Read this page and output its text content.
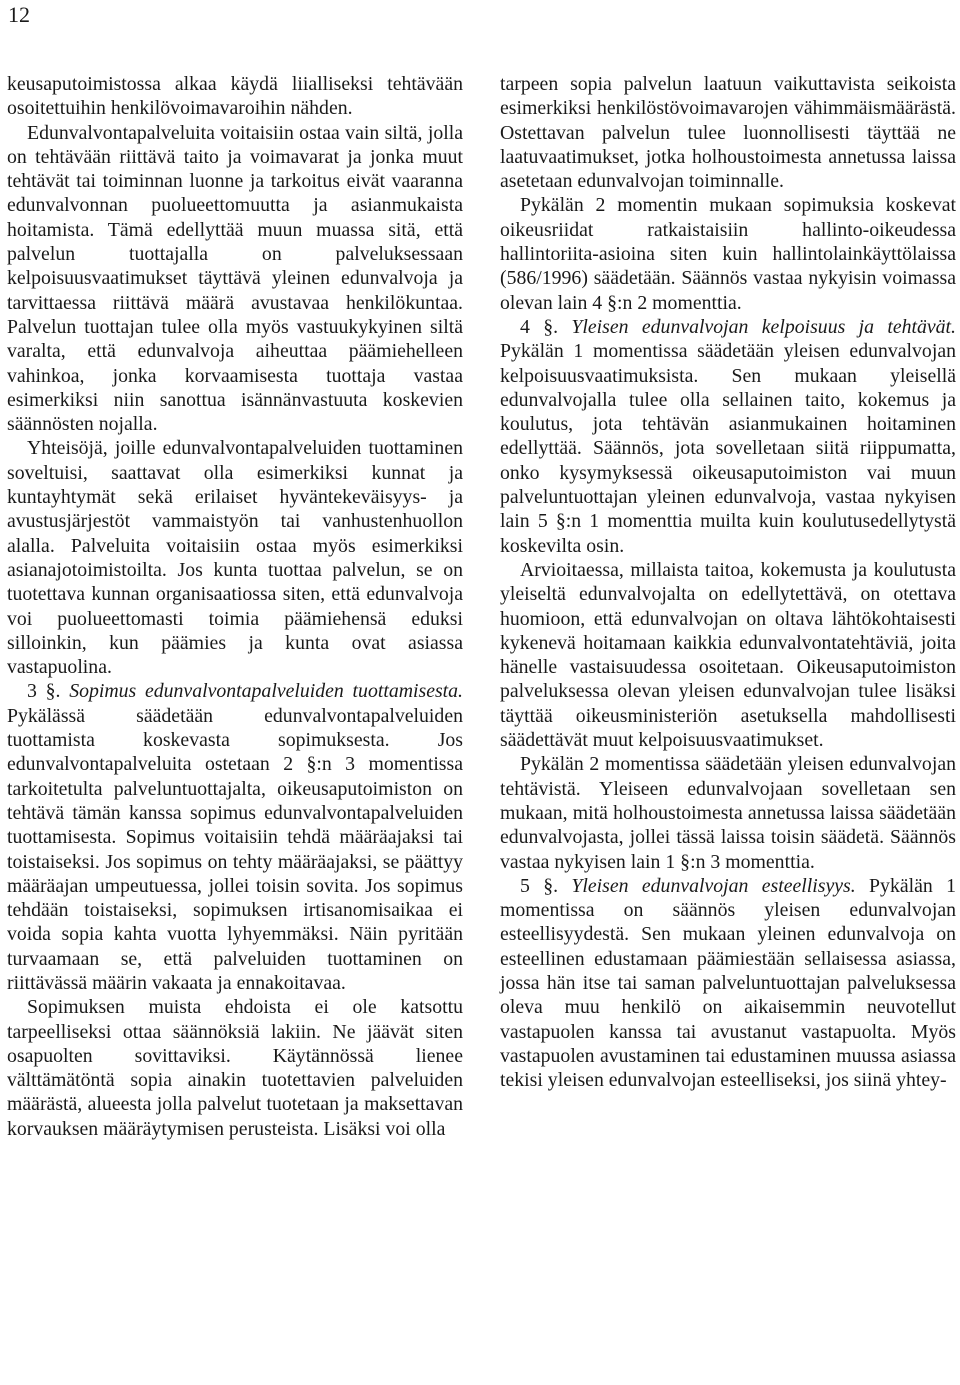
12

keusaputoimistossa alkaa käydä liialliseksi tehtävään osoitettuihin henkilövoimavaroihin nähden.

Edunvalvontapalveluita voitaisiin ostaa vain siltä, jolla on tehtävään riittävä taito ja voimavarat ja jonka muut tehtävät tai toiminnan luonne ja tarkoitus eivät vaaranna edunvalvonnan puolueettomuutta ja asianmukaista hoitamista. Tämä edellyttää muun muassa sitä, että palvelun tuottajalla on palveluksessaan kelpoisuusvaatimukset täyttävä yleinen edunvalvoja ja tarvittaessa riittävä määrä avustavaa henkilökuntaa. Palvelun tuottajan tulee olla myös vastuukykyinen siltä varalta, että edunvalvoja aiheuttaa päämiehelleen vahinkoa, jonka korvaamisesta tuottaja vastaa esimerkiksi niin sanottua isännänvastuuta koskevien säännösten nojalla.

Yhteisöjä, joille edunvalvontapalveluiden tuottaminen soveltuisi, saattavat olla esimerkiksi kunnat ja kuntayhtymät sekä erilaiset hyväntekeväisyys- ja avustusjärjestöt vammaistyön tai vanhustenhuollon alalla. Palveluita voitaisiin ostaa myös esimerkiksi asianajotoimistoilta. Jos kunta tuottaa palvelun, se on tuotettava kunnan organisaatiossa siten, että edunvalvoja voi puolueettomasti toimia päämiehensä eduksi silloinkin, kun päämies ja kunta ovat asiassa vastapuolina.

3 §. Sopimus edunvalvontapalveluiden tuottamisesta. Pykälässä säädetään edunvalvontapalveluiden tuottamista koskevasta sopimuksesta. Jos edunvalvontapalveluita ostetaan 2 §:n 3 momentissa tarkoitetulta palveluntuottajalta, oikeusaputoimiston on tehtävä tämän kanssa sopimus edunvalvontapalveluiden tuottamisesta. Sopimus voitaisiin tehdä määräajaksi tai toistaiseksi. Jos sopimus on tehty määräajaksi, se päättyy määräajan umpeutuessa, jollei toisin sovita. Jos sopimus tehdään toistaiseksi, sopimuksen irtisanomisaikaa ei voida sopia kahta vuotta lyhyemmäksi. Näin pyritään turvaamaan se, että palveluiden tuottaminen on riittävässä määrin vakaata ja ennakoitavaa.

Sopimuksen muista ehdoista ei ole katsottu tarpeelliseksi ottaa säännöksiä lakiin. Ne jäävät siten osapuolten sovittaviksi. Käytännössä lienee välttämätöntä sopia ainakin tuotettavien palveluiden määrästä, alueesta jolla palvelut tuotetaan ja maksettavan korvauksen määräytymisen perusteista. Lisäksi voi olla

tarpeen sopia palvelun laatuun vaikuttavista seikoista esimerkiksi henkilöstövoimavarojen vähimmäismäärästä. Ostettavan palvelun tulee luonnollisesti täyttää ne laatuvaatimukset, jotka holhoustoimesta annetussa laissa asetetaan edunvalvojan toiminnalle.

Pykälän 2 momentin mukaan sopimuksia koskevat oikeusriidat ratkaistaisiin hallinto-oikeudessa hallintoriita-asioina siten kuin hallintolainkäyttölaissa (586/1996) säädetään. Säännös vastaa nykyisin voimassa olevan lain 4 §:n 2 momenttia.

4 §. Yleisen edunvalvojan kelpoisuus ja tehtävät. Pykälän 1 momentissa säädetään yleisen edunvalvojan kelpoisuusvaatimuksista. Sen mukaan yleisellä edunvalvojalla tulee olla sellainen taito, kokemus ja koulutus, jota tehtävän asianmukainen hoitaminen edellyttää. Säännös, jota sovelletaan siitä riippumatta, onko kysymyksessä oikeusaputoimiston vai muun palveluntuottajan yleinen edunvalvoja, vastaa nykyisen lain 5 §:n 1 momenttia muilta kuin koulutusedellytystä koskevilta osin.

Arvioitaessa, millaista taitoa, kokemusta ja koulutusta yleiseltä edunvalvojalta on edellytettävä, on otettava huomioon, että edunvalvojan on oltava lähtökohtaisesti kykenevä hoitamaan kaikkia edunvalvontatehtäviä, joita hänelle vastaisuudessa osoitetaan. Oikeusaputoimiston palveluksessa olevan yleisen edunvalvojan tulee lisäksi täyttää oikeusministeriön asetuksella mahdollisesti säädettävät muut kelpoisuusvaatimukset.

Pykälän 2 momentissa säädetään yleisen edunvalvojan tehtävistä. Yleiseen edunvalvojaan sovelletaan sen mukaan, mitä holhoustoimesta annetussa laissa säädetään edunvalvojasta, jollei tässä laissa toisin säädetä. Säännös vastaa nykyisen lain 1 §:n 3 momenttia.

5 §. Yleisen edunvalvojan esteellisyys. Pykälän 1 momentissa on säännös yleisen edunvalvojan esteellisyydestä. Sen mukaan yleinen edunvalvoja on esteellinen edustamaan päämiestään sellaisessa asiassa, jossa hän itse tai saman palveluntuottajan palveluksessa oleva muu henkilö on aikaisemmin neuvotellut vastapuolen kanssa tai avustanut vastapuolta. Myös vastapuolen avustaminen tai edustaminen muussa asiassa tekisi yleisen edunvalvojan esteelliseksi, jos siinä yhtey-
